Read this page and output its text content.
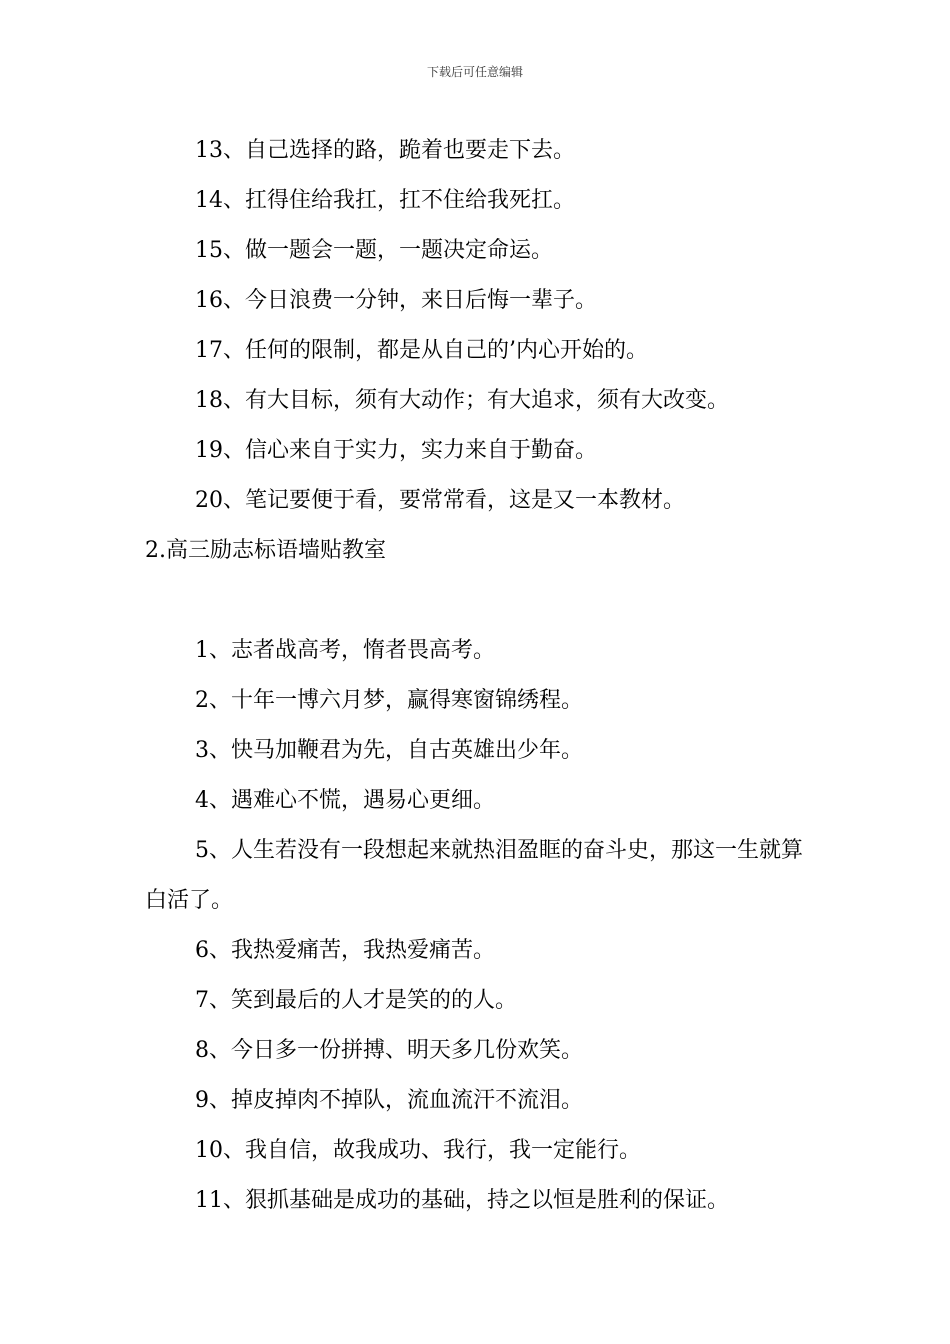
下载后可任意编辑
13、自己选择的路，跪着也要走下去。
14、扛得住给我扛，扛不住给我死扛。
15、做一题会一题，一题决定命运。
16、今日浪费一分钟，来日后悔一辈子。
17、任何的限制，都是从自己的’内心开始的。
18、有大目标，须有大动作；有大追求，须有大改变。
19、信心来自于实力，实力来自于勤奋。
20、笔记要便于看，要常常看，这是又一本教材。
2.高三励志标语墙贴教室
1、志者战高考，惰者畏高考。
2、十年一博六月梦，赢得寒窗锦绣程。
3、快马加鞭君为先，自古英雄出少年。
4、遇难心不慌，遇易心更细。
5、人生若没有一段想起来就热泪盈眶的奋斗史，那这一生就算白活了。
6、我热爱痛苦，我热爱痛苦。
7、笑到最后的人才是笑的的人。
8、今日多一份拼搏、明天多几份欢笑。
9、掉皮掉肉不掉队，流血流汗不流泪。
10、我自信，故我成功、我行，我一定能行。
11、狠抓基础是成功的基础，持之以恒是胜利的保证。
